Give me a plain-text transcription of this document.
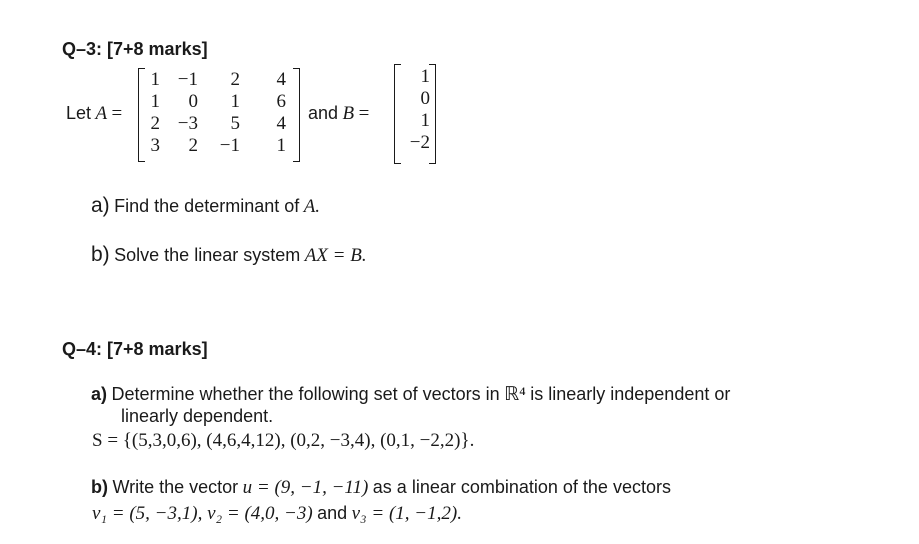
Q–3: [7+8 marks]
Let A =
1	−1	2	4
1	0	1	6
2	−3	5	4
3	2	−1	1
and B =
1
0
1
−2
a) Find the determinant of A.
b) Solve the linear system AX = B.
Q–4: [7+8 marks]
a) Determine whether the following set of vectors in ℝ⁴ is linearly independent or
linearly dependent.
S = {(5,3,0,6), (4,6,4,12), (0,2, −3,4), (0,1, −2,2)}.
b) Write the vector u = (9, −1, −11) as a linear combination of the vectors
v₁ = (5, −3,1), v₂ = (4,0, −3) and v₃ = (1, −1,2).
